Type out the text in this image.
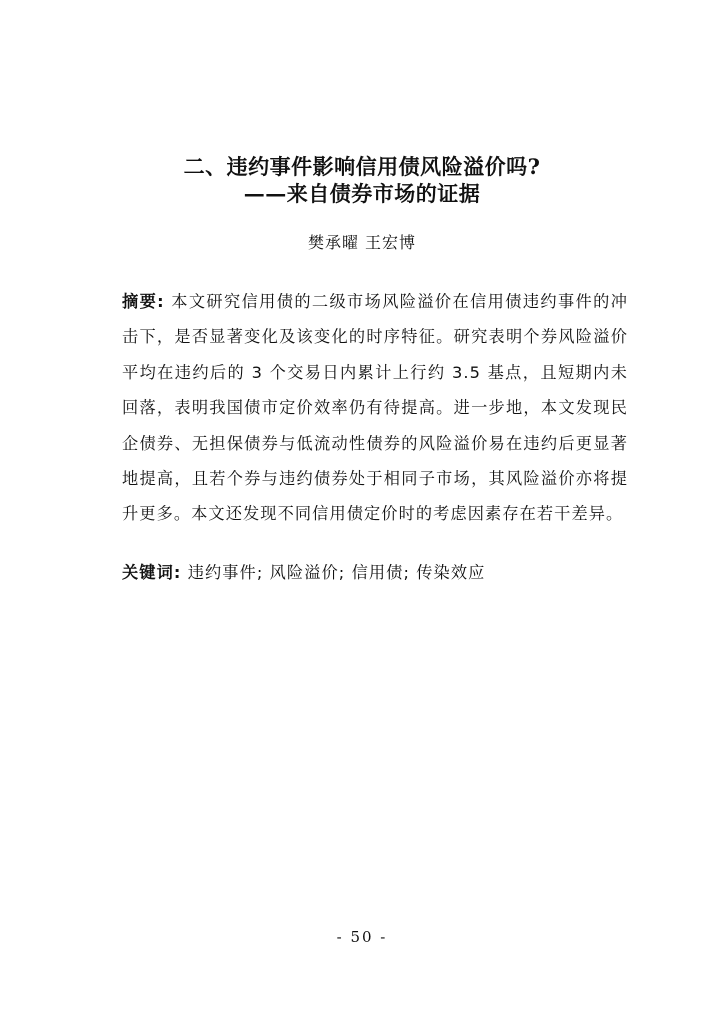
二、违约事件影响信用债风险溢价吗?
——来自债券市场的证据
樊承曜 王宏博

摘要: 本文研究信用债的二级市场风险溢价在信用债违约事件的冲击下，是否显著变化及该变化的时序特征。研究表明个券风险溢价平均在违约后的 3 个交易日内累计上行约 3.5 基点，且短期内未回落，表明我国债市定价效率仍有待提高。进一步地，本文发现民企债券、无担保债券与低流动性债券的风险溢价易在违约后更显著地提高，且若个券与违约债券处于相同子市场，其风险溢价亦将提升更多。本文还发现不同信用债定价时的考虑因素存在若干差异。

关键词: 违约事件; 风险溢价; 信用债; 传染效应

- 50 -
